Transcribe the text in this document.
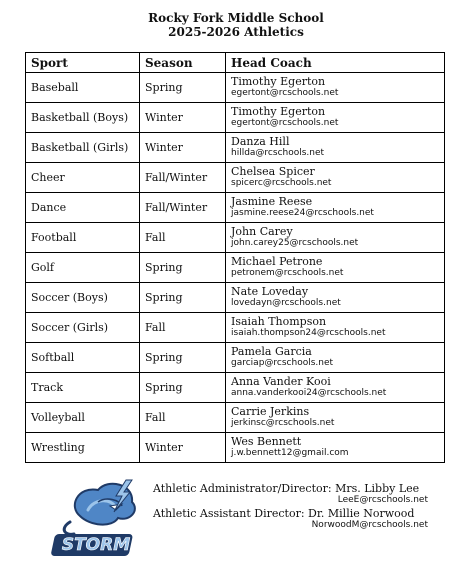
Rocky Fork Middle School
2025-2026 Athletics
Sport	Season	Head Coach
Baseball	Spring	Timothy Egerton
egertont@rcschools.net

Basketball (Boys)	Winter	Timothy Egerton
egertont@rcschools.net

Basketball (Girls)	Winter	Danza Hill
hillda@rcschools.net

Cheer	Fall/Winter	Chelsea Spicer
spicerc@rcschools.net

Dance	Fall/Winter	Jasmine Reese
jasmine.reese24@rcschools.net

Football	Fall	John Carey
john.carey25@rcschools.net

Golf	Spring	Michael Petrone
petronem@rcschools.net

Soccer (Boys)	Spring	Nate Loveday
lovedayn@rcschools.net

Soccer (Girls)	Fall	Isaiah Thompson
isaiah.thompson24@rcschools.net

Softball	Spring	Pamela Garcia
garciap@rcschools.net

Track	Spring	Anna Vander Kooi
anna.vanderkooi24@rcschools.net

Volleyball	Fall	Carrie Jerkins
jerkinsc@rcschools.net

Wrestling	Winter	Wes Bennett
j.w.bennett12@gmail.com
STORM
Athletic Administrator/Director: Mrs. Libby Lee
LeeE@rcschools.net
Athletic Assistant Director: Dr. Millie Norwood
NorwoodM@rcschools.net
